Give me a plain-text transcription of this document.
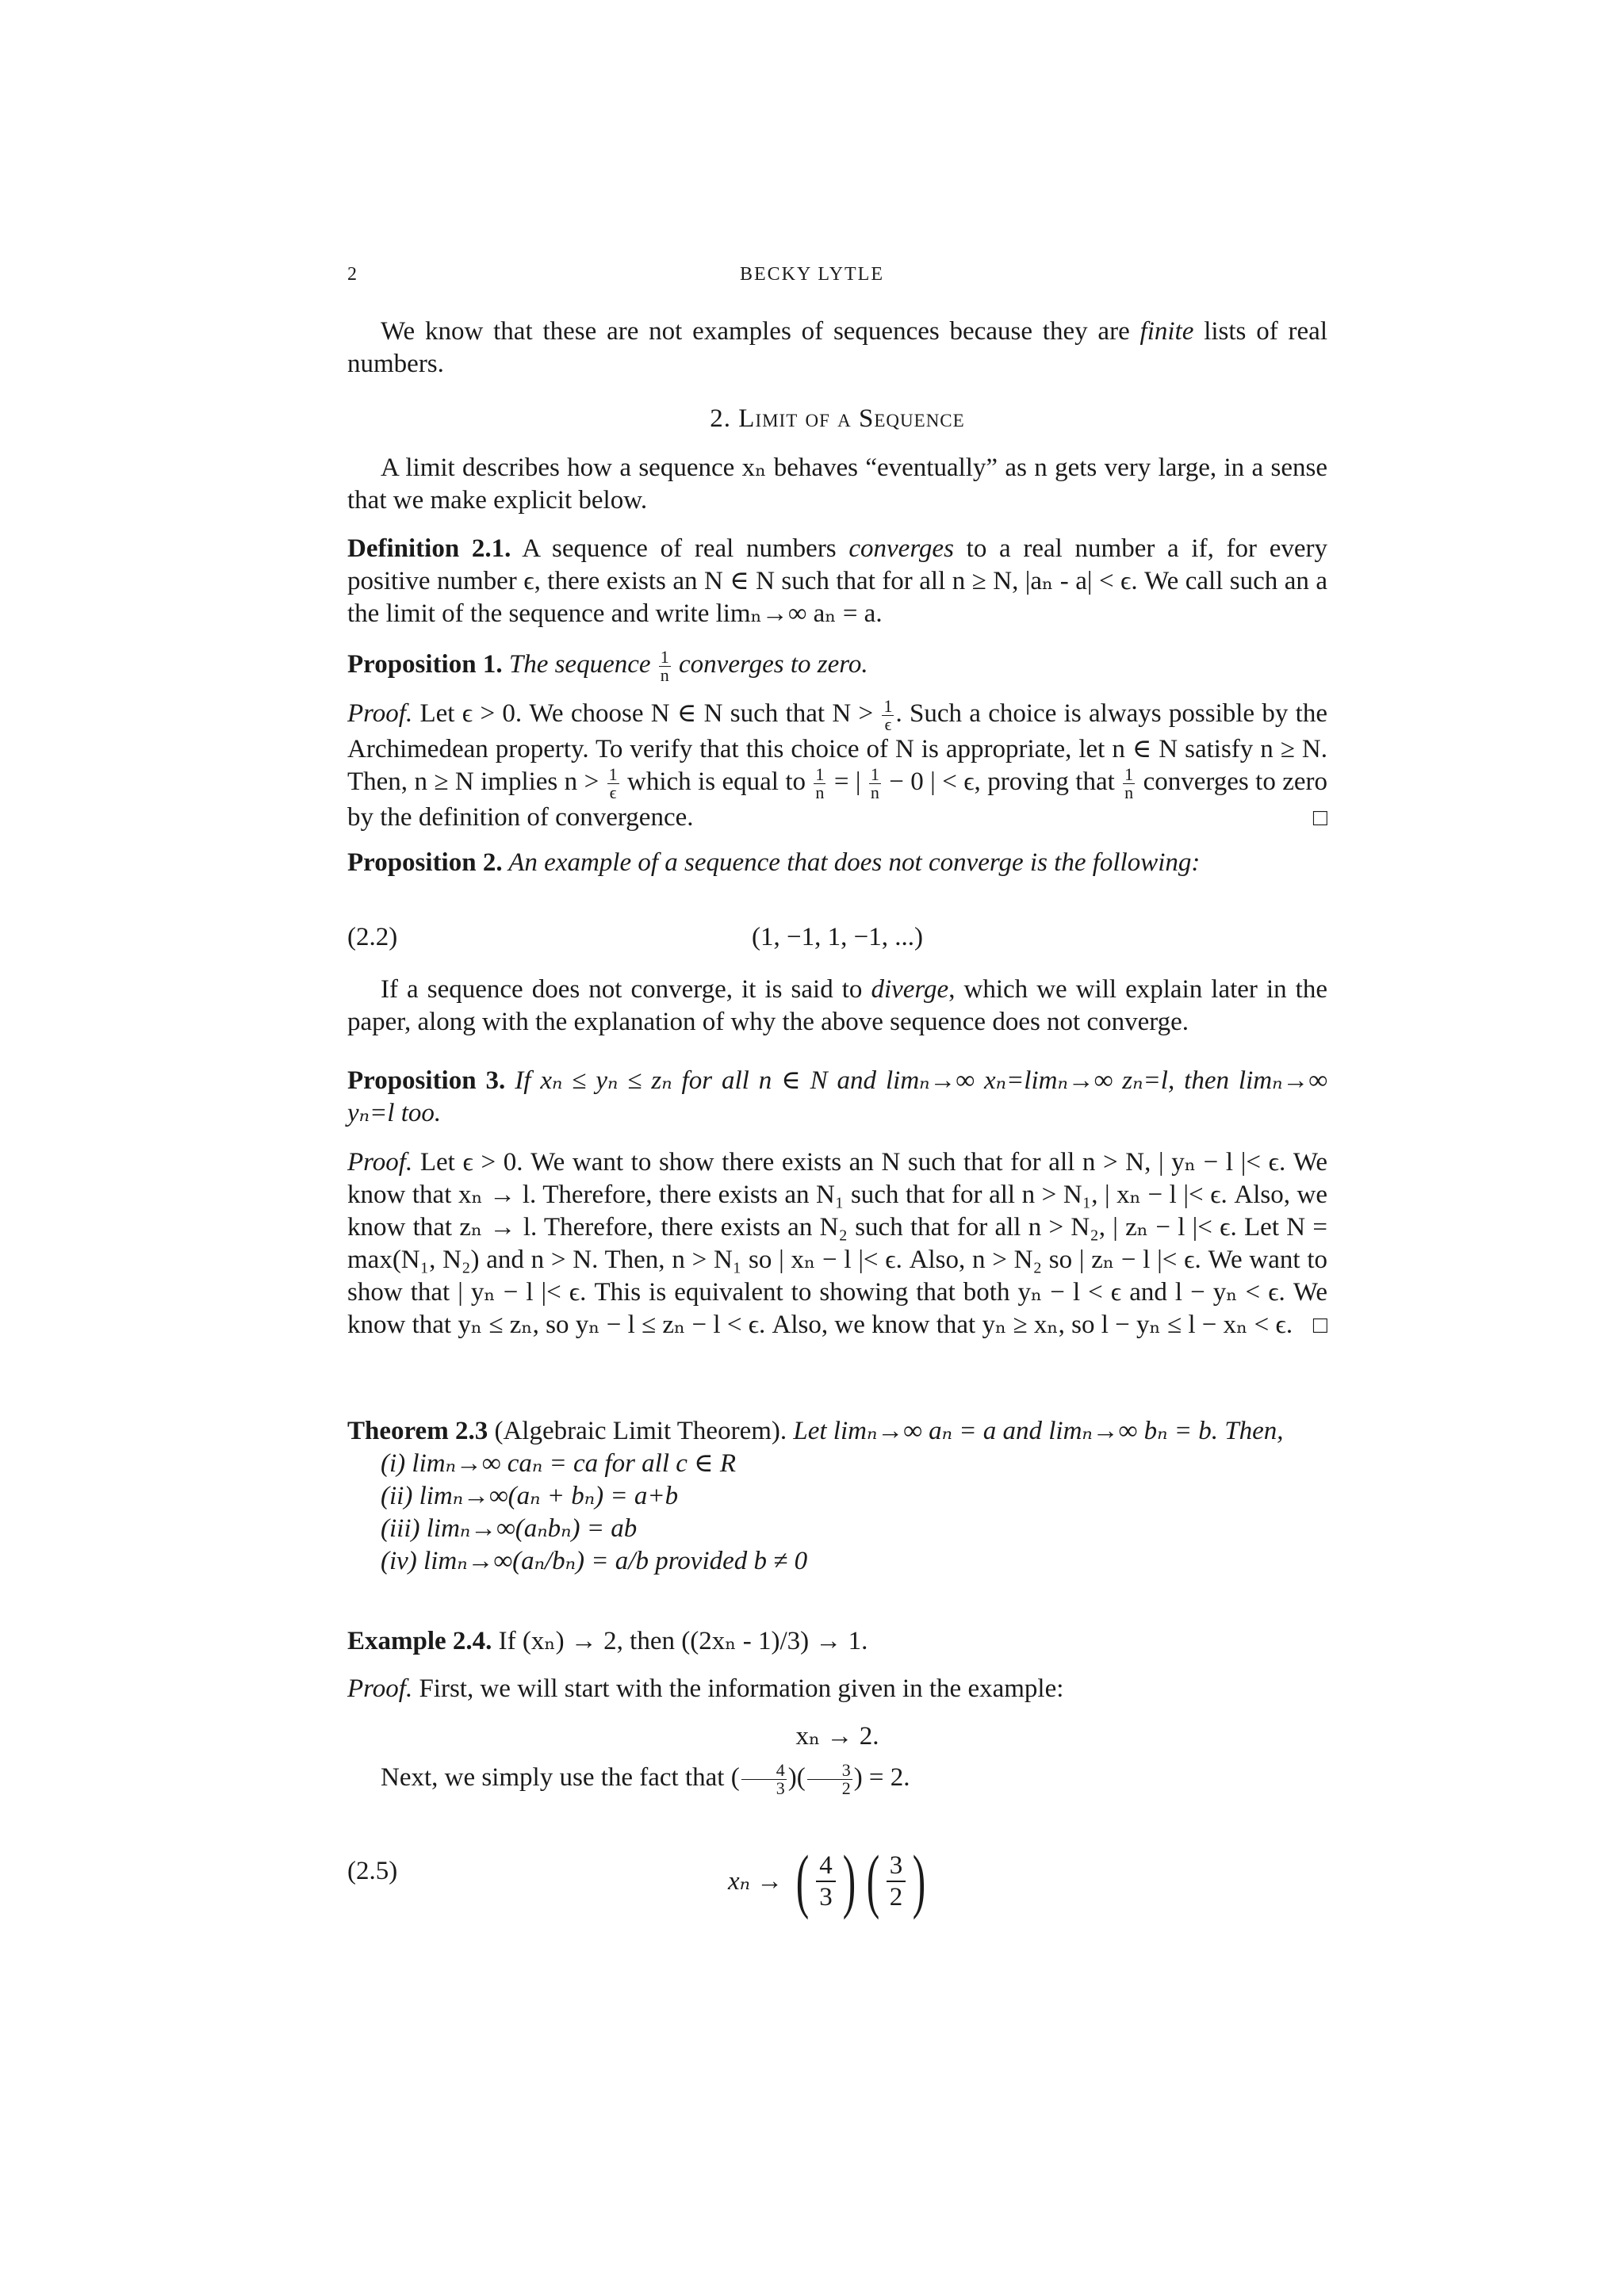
2	BECKY LYTLE
We know that these are not examples of sequences because they are finite lists of real numbers.
2. Limit of a Sequence
A limit describes how a sequence xₙ behaves “eventually” as n gets very large, in a sense that we make explicit below.
Definition 2.1. A sequence of real numbers converges to a real number a if, for every positive number ϵ, there exists an N ∈ N such that for all n ≥ N, |aₙ - a| < ϵ. We call such an a the limit of the sequence and write limₙ→∞ aₙ = a.
Proposition 1. The sequence $\frac{1}{n}$ converges to zero.
Proof. Let ϵ > 0. We choose N ∈ N such that $N > \frac{1}{\epsilon}$ . Such a choice is always possible by the Archimedean property. To verify that this choice of N is appropriate, let n ∈ N satisfy n ≥ N. Then, n ≥ N implies $n > \frac{1}{\epsilon}$ which is equal to $\frac{1}{n}$ = | $\frac{1}{n} - 0$ | < ϵ, proving that $\frac{1}{n}$ converges to zero by the definition of convergence.	□
Proposition 2. An example of a sequence that does not converge is the following:
(2.2)	(1, −1, 1, −1, ...)
If a sequence does not converge, it is said to diverge, which we will explain later in the paper, along with the explanation of why the above sequence does not converge.
Proposition 3. If xₙ ≤ yₙ ≤ zₙ for all n ∈ N and limₙ→∞ xₙ=limₙ→∞ zₙ=l, then limₙ→∞ yₙ=l too.
Proof. Let ϵ > 0. We want to show there exists an N such that for all n > N, | yₙ − l |< ϵ. We know that xₙ → l. Therefore, there exists an N₁ such that for all n > N₁, | xₙ − l |< ϵ. Also, we know that zₙ → l. Therefore, there exists an N₂ such that for all n > N₂, | zₙ − l |< ϵ. Let N = max(N₁, N₂) and n > N. Then, n > N₁ so | xₙ − l |< ϵ. Also, n > N₂ so | zₙ − l |< ϵ. We want to show that | yₙ − l |< ϵ. This is equivalent to showing that both yₙ − l < ϵ and l − yₙ < ϵ. We know that yₙ ≤ zₙ, so yₙ − l ≤ zₙ − l < ϵ. Also, we know that yₙ ≥ xₙ, so l − yₙ ≤ l − xₙ < ϵ. □
Theorem 2.3 (Algebraic Limit Theorem). Let limₙ→∞ aₙ = a and limₙ→∞ bₙ = b. Then,
(i) limₙ→∞ caₙ = ca for all c ∈ R
(ii) limₙ→∞(aₙ + bₙ) = a+b
(iii) limₙ→∞(aₙbₙ) = ab
(iv) limₙ→∞(aₙ/bₙ) = a/b provided b ≠ 0
Example 2.4. If (xₙ) → 2, then ((2xₙ - 1)/3) → 1.
Proof. First, we will start with the information given in the example:
xₙ → 2.
Next, we simply use the fact that ( $\frac{4}{3}$ )( $\frac{3}{2}$ ) = 2.
(2.5)	xₙ → ( $\frac{4}{3}$ ) ( $\frac{3}{2}$ )
